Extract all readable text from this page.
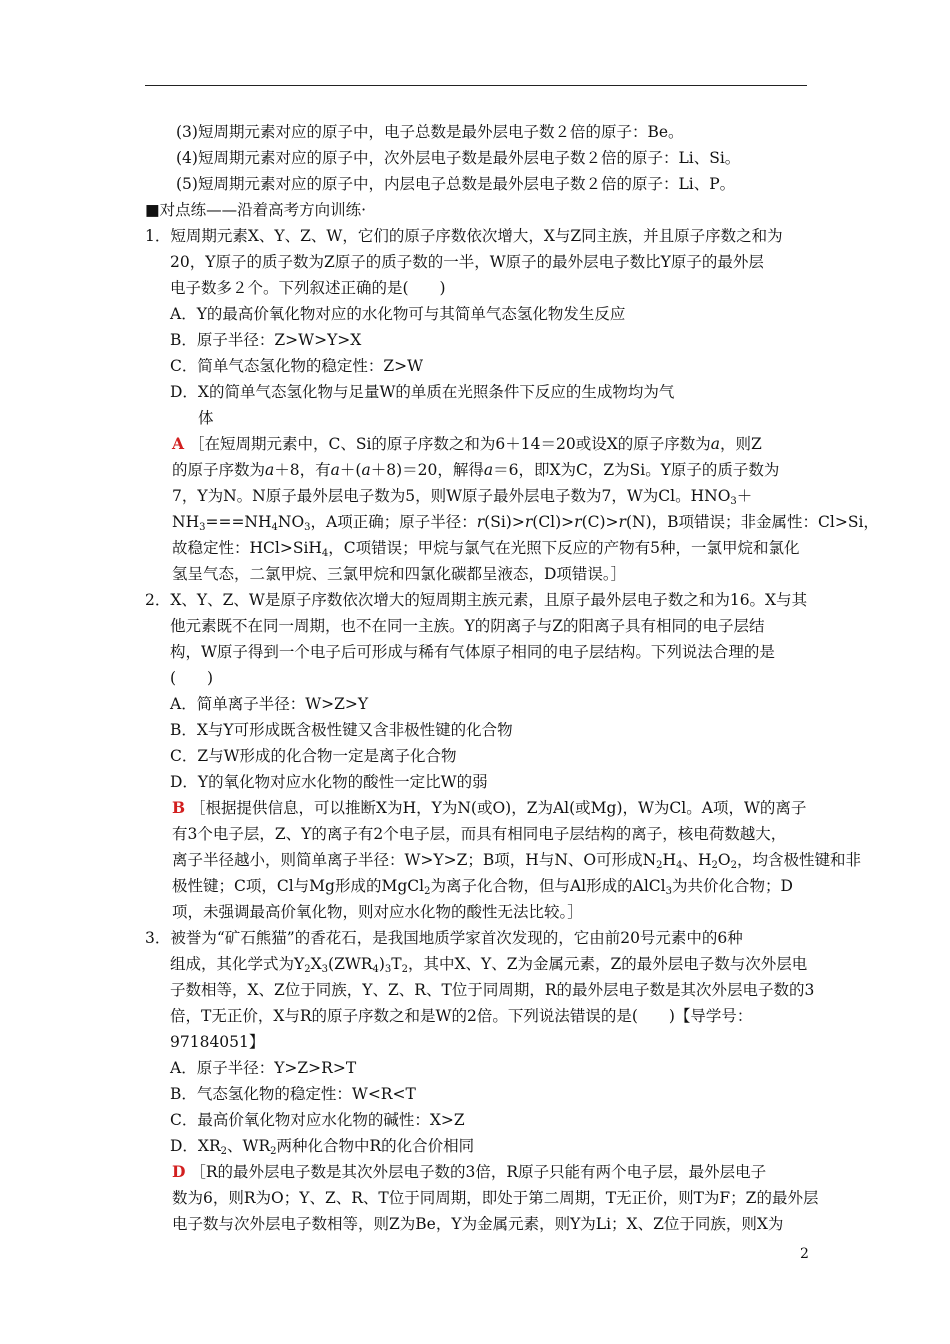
(3)短周期元素对应的原子中，电子总数是最外层电子数２倍的原子：Be。
(4)短周期元素对应的原子中，次外层电子数是最外层电子数２倍的原子：Li、Si。
(5)短周期元素对应的原子中，内层电子总数是最外层电子数２倍的原子：Li、P。
■对点练——沿着高考方向训练·
1．短周期元素X、Y、Z、W，它们的原子序数依次增大，X与Z同主族，并且原子序数之和为
20，Y原子的质子数为Z原子的质子数的一半，W原子的最外层电子数比Y原子的最外层
电子数多２个。下列叙述正确的是(　　)
A．Y的最高价氧化物对应的水化物可与其简单气态氢化物发生反应
B．原子半径：Z>W>Y>X
C．简单气态氢化物的稳定性：Z>W
D．X的简单气态氢化物与足量W的单质在光照条件下反应的生成物均为气
体
A ［在短周期元素中，C、Si的原子序数之和为6＋14＝20或设X的原子序数为a，则Z
的原子序数为a＋8，有a＋(a＋8)＝20，解得a＝6，即X为C，Z为Si。Y原子的质子数为
7，Y为N。N原子最外层电子数为5，则W原子最外层电子数为7，W为Cl。$HNO_3+$
$NH_3===NH_4NO_3$，A项正确；原子半径：r(Si)>r(Cl)>r(C)>r(N)，B项错误；非金属性：Cl>Si，
故稳定性：HCl>SiH$_4$，C项错误；甲烷与氯气在光照下反应的产物有5种，一氯甲烷和氯化
氢呈气态，二氯甲烷、三氯甲烷和四氯化碳都呈液态，D项错误。］
2．X、Y、Z、W是原子序数依次增大的短周期主族元素，且原子最外层电子数之和为16。X与其
他元素既不在同一周期，也不在同一主族。Y的阴离子与Z的阳离子具有相同的电子层结
构，W原子得到一个电子后可形成与稀有气体原子相同的电子层结构。下列说法合理的是
(　　)
A．简单离子半径：W>Z>Y
B．X与Y可形成既含极性键又含非极性键的化合物
C．Z与W形成的化合物一定是离子化合物
D．Y的氧化物对应水化物的酸性一定比W的弱
B ［根据提供信息，可以推断X为H，Y为N(或O)，Z为Al(或Mg)，W为Cl。A项，W的离子
有3个电子层，Z、Y的离子有2个电子层，而具有相同电子层结构的离子，核电荷数越大，
离子半径越小，则简单离子半径：W>Y>Z；B项，H与N、O可形成$N_2H_4$、$H_2O_2$，均含极性键和非
极性键；C项，Cl与Mg形成的MgCl$_2$为离子化合物，但与Al形成的AlCl$_3$为共价化合物；D
项，未强调最高价氧化物，则对应水化物的酸性无法比较。］
3．被誉为“矿石熊猫”的香花石，是我国地质学家首次发现的，它由前20号元素中的6种
组成，其化学式为$Y_2X_3(ZWR_4)_3T_2$，其中X、Y、Z为金属元素，Z的最外层电子数与次外层电
子数相等，X、Z位于同族，Y、Z、R、T位于同周期，R的最外层电子数是其次外层电子数的3
倍，T无正价，X与R的原子序数之和是W的2倍。下列说法错误的是(　　)【导学号：
97184051】
A．原子半径：Y>Z>R>T
B．气态氢化物的稳定性：W<R<T
C．最高价氧化物对应水化物的碱性：X>Z
D．$XR_2$、$WR_2$两种化合物中R的化合价相同
D ［R的最外层电子数是其次外层电子数的3倍，R原子只能有两个电子层，最外层电子
数为6，则R为O；Y、Z、R、T位于同周期，即处于第二周期，T无正价，则T为F；Z的最外层
电子数与次外层电子数相等，则Z为Be，Y为金属元素，则Y为Li；X、Z位于同族，则X为
2
